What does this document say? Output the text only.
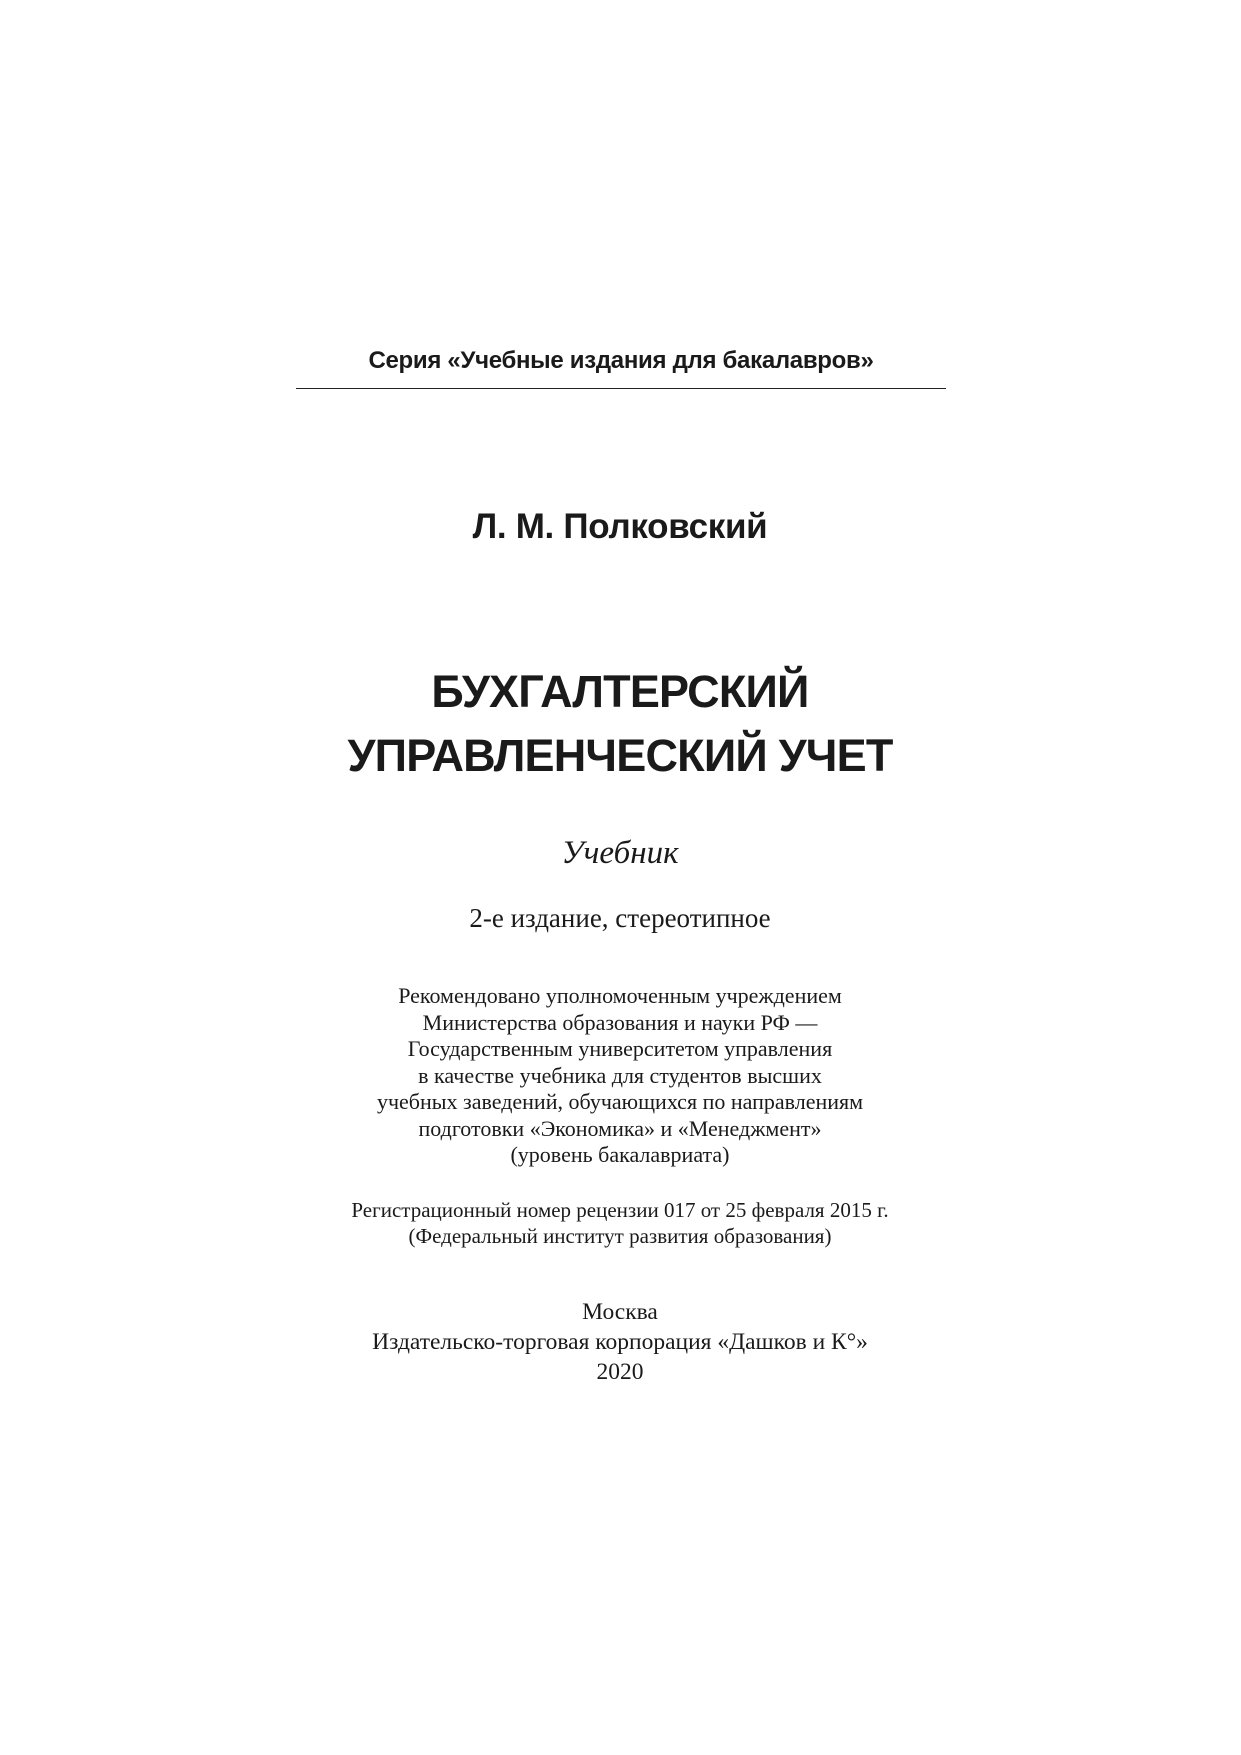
Серия «Учебные издания для бакалавров»
Л. М. Полковский
БУХГАЛТЕРСКИЙ
УПРАВЛЕНЧЕСКИЙ УЧЕТ
Учебник
2-е издание, стереотипное
Рекомендовано уполномоченным учреждением
Министерства образования и науки РФ —
Государственным университетом управления
в качестве учебника для студентов высших
учебных заведений, обучающихся по направлениям
подготовки «Экономика» и «Менеджмент»
(уровень бакалавриата)
Регистрационный номер рецензии 017 от 25 февраля 2015 г.
(Федеральный институт развития образования)
Москва
Издательско-торговая корпорация «Дашков и К°»
2020
